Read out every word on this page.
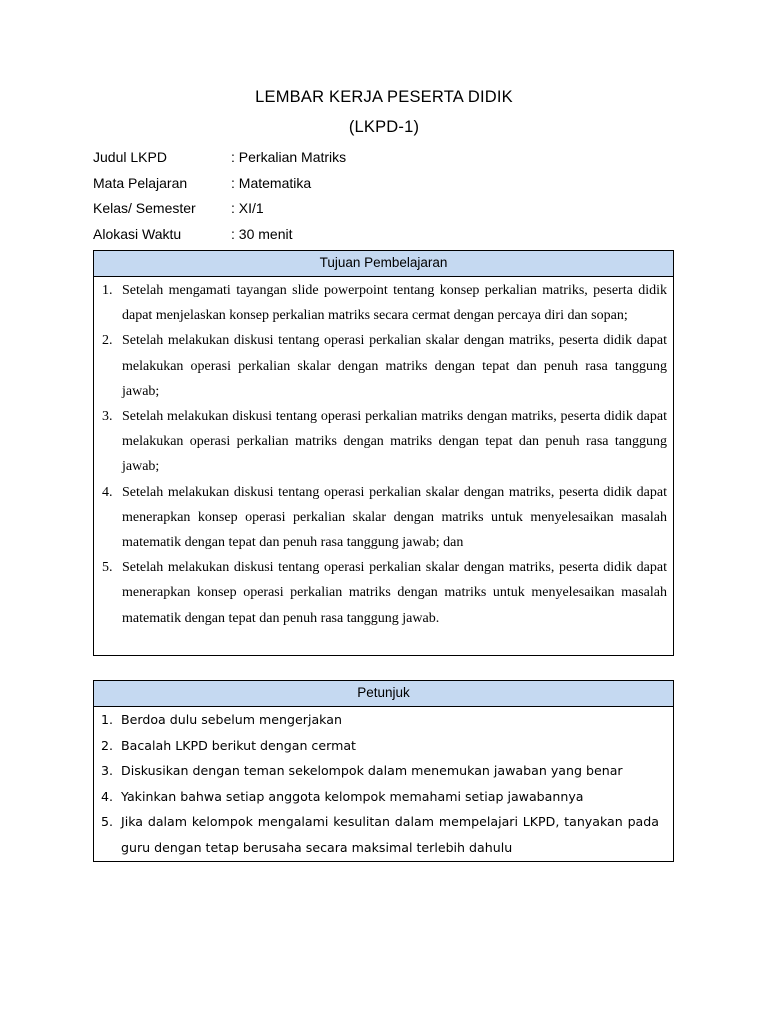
LEMBAR KERJA PESERTA DIDIK
(LKPD-1)
Judul LKPD	: Perkalian Matriks
Mata Pelajaran	: Matematika
Kelas/ Semester	: XI/1
Alokasi Waktu	: 30 menit
Tujuan Pembelajaran
1. Setelah mengamati tayangan slide powerpoint tentang konsep perkalian matriks, peserta didik dapat menjelaskan konsep perkalian matriks secara cermat dengan percaya diri dan sopan;
2. Setelah melakukan diskusi tentang operasi perkalian skalar dengan matriks, peserta didik dapat melakukan operasi perkalian skalar dengan matriks dengan tepat dan penuh rasa tanggung jawab;
3. Setelah melakukan diskusi tentang operasi perkalian matriks dengan matriks, peserta didik dapat melakukan operasi perkalian matriks dengan matriks dengan tepat dan penuh rasa tanggung jawab;
4. Setelah melakukan diskusi tentang operasi perkalian skalar dengan matriks, peserta didik dapat menerapkan konsep operasi perkalian skalar dengan matriks untuk menyelesaikan masalah matematik dengan tepat dan penuh rasa tanggung jawab; dan
5. Setelah melakukan diskusi tentang operasi perkalian skalar dengan matriks, peserta didik dapat menerapkan konsep operasi perkalian matriks dengan matriks untuk menyelesaikan masalah matematik dengan tepat dan penuh rasa tanggung jawab.
Petunjuk
1. Berdoa dulu sebelum mengerjakan
2. Bacalah LKPD berikut dengan cermat
3. Diskusikan dengan teman sekelompok dalam menemukan jawaban yang benar
4. Yakinkan bahwa setiap anggota kelompok memahami setiap jawabannya
5. Jika dalam kelompok mengalami kesulitan dalam mempelajari LKPD, tanyakan pada guru dengan tetap berusaha secara maksimal terlebih dahulu
